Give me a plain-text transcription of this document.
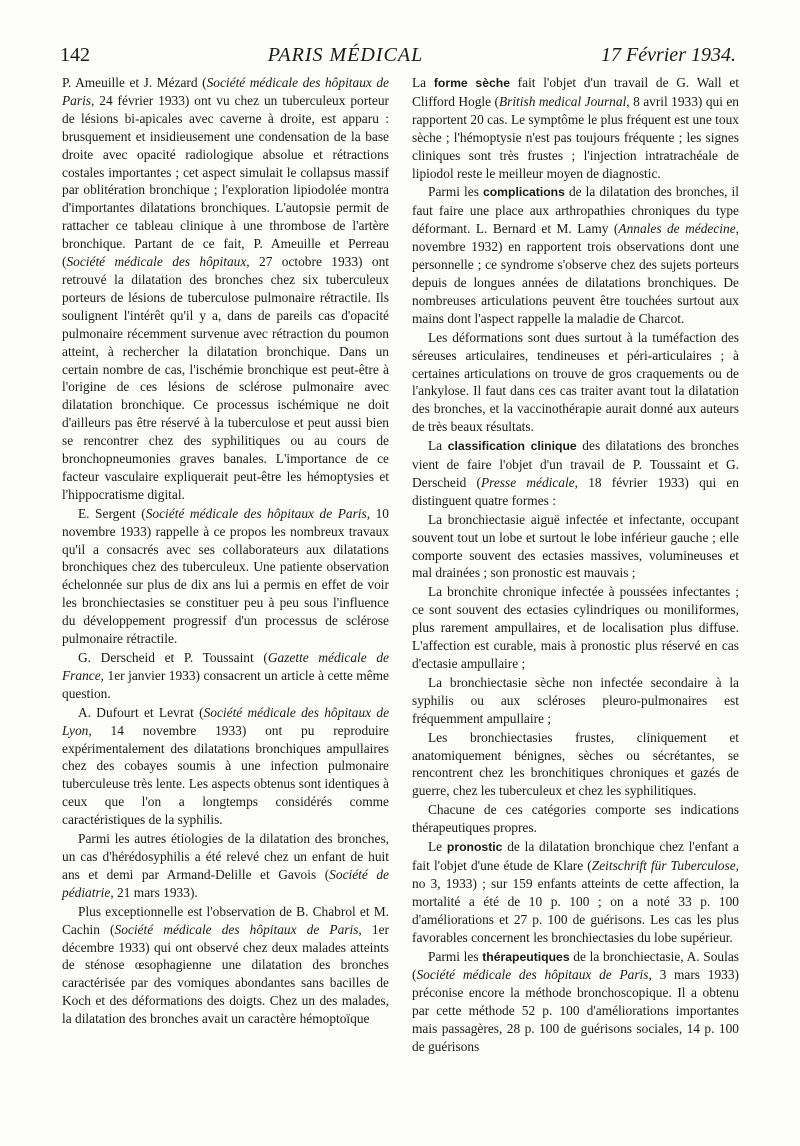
142	PARIS MÉDICAL	17 Février 1934.

P. Ameuille et J. Mézard (Société médicale des hôpitaux de Paris, 24 février 1933) ont vu chez un tuberculeux porteur de lésions bi-apicales avec caverne à droite, est apparu : brusquement et insidieusement une condensation de la base droite avec opacité radiologique absolue et rétractions costales importantes ; cet aspect simulait le collapsus massif par oblitération bronchique ; l'exploration lipiodolée montra d'importantes dilatations bronchiques. L'autopsie permit de rattacher ce tableau clinique à une thrombose de l'artère bronchique. Partant de ce fait, P. Ameuille et Perreau (Société médicale des hôpitaux, 27 octobre 1933) ont retrouvé la dilatation des bronches chez six tuberculeux porteurs de lésions de tuberculose pulmonaire rétractile. Ils soulignent l'intérêt qu'il y a, dans de pareils cas d'opacité pulmonaire récemment survenue avec rétraction du poumon atteint, à rechercher la dilatation bronchique. Dans un certain nombre de cas, l'ischémie bronchique est peut-être à l'origine de ces lésions de sclérose pulmonaire avec dilatation bronchique. Ce processus ischémique ne doit d'ailleurs pas être réservé à la tuberculose et peut aussi bien se rencontrer chez des syphilitiques ou au cours de bronchopneumonies graves banales. L'importance de ce facteur vasculaire expliquerait peut-être les hémoptysies et l'hippocratisme digital.

E. Sergent (Société médicale des hôpitaux de Paris, 10 novembre 1933) rappelle à ce propos les nombreux travaux qu'il a consacrés avec ses collaborateurs aux dilatations bronchiques chez des tuberculeux. Une patiente observation échelonnée sur plus de dix ans lui a permis en effet de voir les bronchiectasies se constituer peu à peu sous l'influence du développement progressif d'un processus de sclérose pulmonaire rétractile.

G. Derscheid et P. Toussaint (Gazette médicale de France, 1er janvier 1933) consacrent un article à cette même question.

A. Dufourt et Levrat (Société médicale des hôpitaux de Lyon, 14 novembre 1933) ont pu reproduire expérimentalement des dilatations bronchiques ampullaires chez des cobayes soumis à une infection pulmonaire tuberculeuse très lente. Les aspects obtenus sont identiques à ceux que l'on a longtemps considérés comme caractéristiques de la syphilis.

Parmi les autres étiologies de la dilatation des bronches, un cas d'hérédosyphilis a été relevé chez un enfant de huit ans et demi par Armand-Delille et Gavois (Société de pédiatrie, 21 mars 1933).

Plus exceptionnelle est l'observation de B. Chabrol et M. Cachin (Société médicale des hôpitaux de Paris, 1er décembre 1933) qui ont observé chez deux malades atteints de sténose œsophagienne une dilatation des bronches caractérisée par des vomiques abondantes sans bacilles de Koch et des déformations des doigts. Chez un des malades, la dilatation des bronches avait un caractère hémoptoïque

La forme sèche fait l'objet d'un travail de G. Wall et Clifford Hogle (British medical Journal, 8 avril 1933) qui en rapportent 20 cas. Le symptôme le plus fréquent est une toux sèche ; l'hémoptysie n'est pas toujours fréquente ; les signes cliniques sont très frustes ; l'injection intratrachéale de lipiodol reste le meilleur moyen de diagnostic.

Parmi les complications de la dilatation des bronches, il faut faire une place aux arthropathies chroniques du type déformant. L. Bernard et M. Lamy (Annales de médecine, novembre 1932) en rapportent trois observations dont une personnelle ; ce syndrome s'observe chez des sujets porteurs depuis de longues années de dilatations bronchiques. De nombreuses articulations peuvent être touchées surtout aux mains dont l'aspect rappelle la maladie de Charcot.

Les déformations sont dues surtout à la tuméfaction des séreuses articulaires, tendineuses et péri-articulaires ; à certaines articulations on trouve de gros craquements ou de l'ankylose. Il faut dans ces cas traiter avant tout la dilatation des bronches, et la vaccinothérapie aurait donné aux auteurs de très beaux résultats.

La classification clinique des dilatations des bronches vient de faire l'objet d'un travail de P. Toussaint et G. Derscheid (Presse médicale, 18 février 1933) qui en distinguent quatre formes :

La bronchiectasie aiguë infectée et infectante, occupant souvent tout un lobe et surtout le lobe inférieur gauche ; elle comporte souvent des ectasies massives, volumineuses et mal drainées ; son pronostic est mauvais ;

La bronchite chronique infectée à poussées infectantes ; ce sont souvent des ectasies cylindriques ou moniliformes, plus rarement ampullaires, et de localisation plus diffuse. L'affection est curable, mais à pronostic plus réservé en cas d'ectasie ampullaire ;

La bronchiectasie sèche non infectée secondaire à la syphilis ou aux scléroses pleuro-pulmonaires est fréquemment ampullaire ;

Les bronchiectasies frustes, cliniquement et anatomiquement bénignes, sèches ou sécrétantes, se rencontrent chez les bronchitiques chroniques et gazés de guerre, chez les tuberculeux et chez les syphilitiques.

Chacune de ces catégories comporte ses indications thérapeutiques propres.

Le pronostic de la dilatation bronchique chez l'enfant a fait l'objet d'une étude de Klare (Zeitschrift für Tuberculose, no 3, 1933) ; sur 159 enfants atteints de cette affection, la mortalité a été de 10 p. 100 ; on a noté 33 p. 100 d'améliorations et 27 p. 100 de guérisons. Les cas les plus favorables concernent les bronchiectasies du lobe supérieur.

Parmi les thérapeutiques de la bronchiectasie, A. Soulas (Société médicale des hôpitaux de Paris, 3 mars 1933) préconise encore la méthode bronchoscopique. Il a obtenu par cette méthode 52 p. 100 d'améliorations importantes mais passagères, 28 p. 100 de guérisons sociales, 14 p. 100 de guérisons
